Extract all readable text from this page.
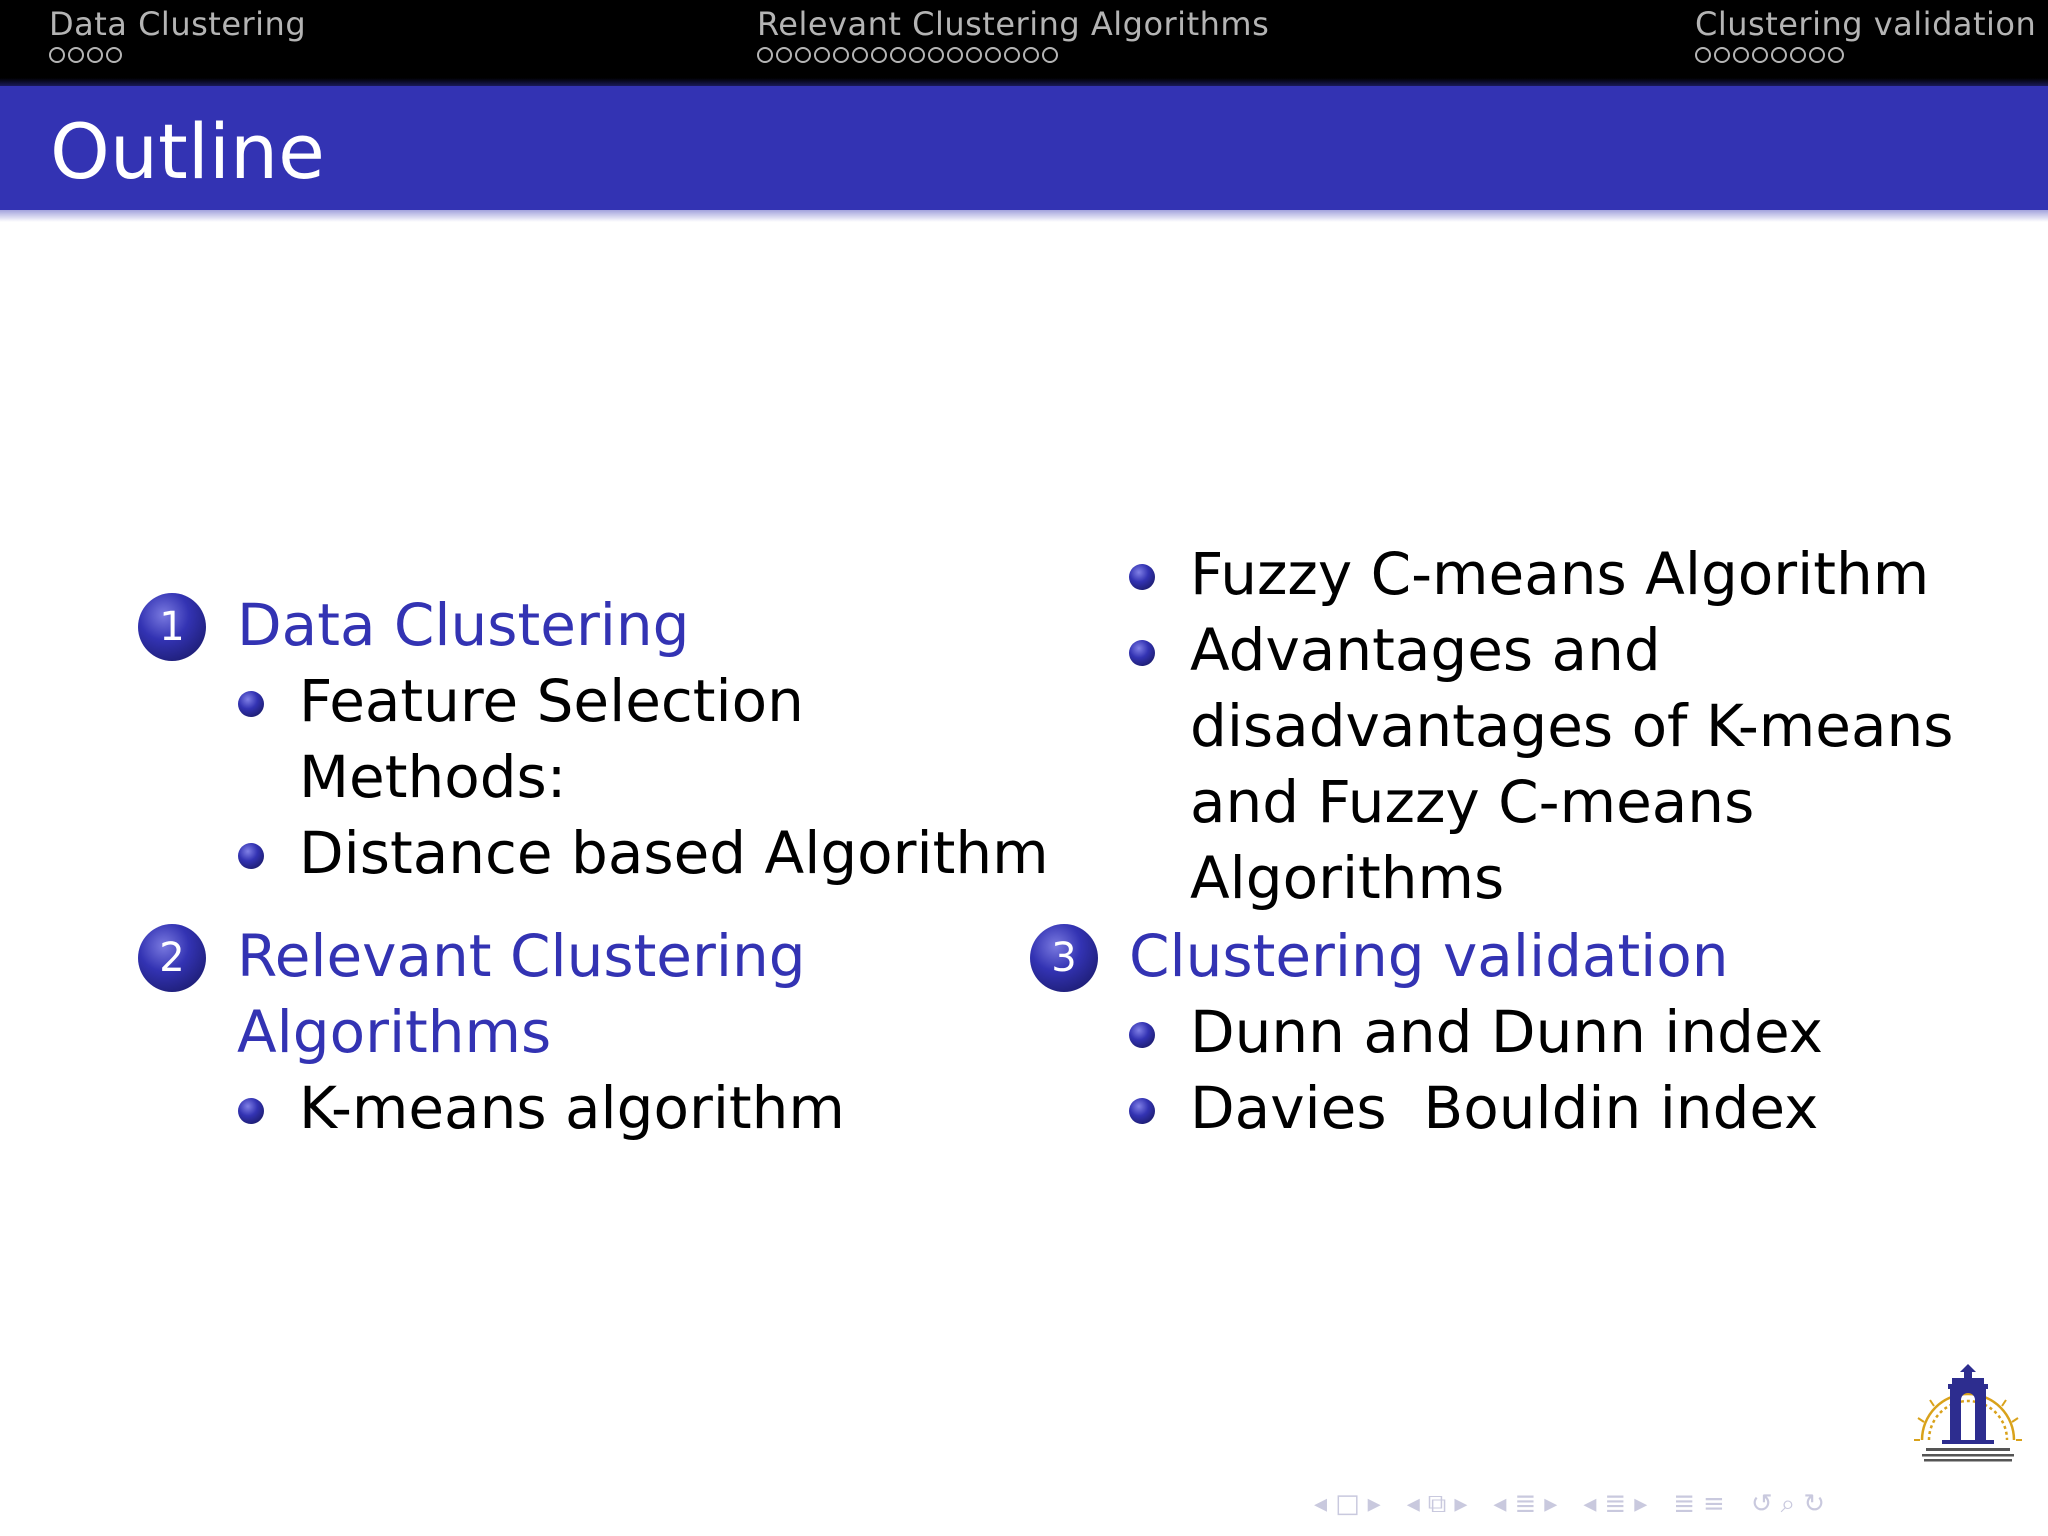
Data Clustering	Relevant Clustering Algorithms	Clustering validation
Outline
1 Data Clustering
Feature Selection
Methods:
Distance based Algorithm
2 Relevant Clustering
Algorithms
K-means algorithm
Fuzzy C-means Algorithm
Advantages and
disadvantages of K-means
and Fuzzy C-means
Algorithms
3 Clustering validation
Dunn and Dunn index
Davies  Bouldin index
◂ □ ▸ ◂ ⧉ ▸ ◂ ≣ ▸ ◂ ≣ ▸ ≣ ≡ ↺ ⌕ ↻
